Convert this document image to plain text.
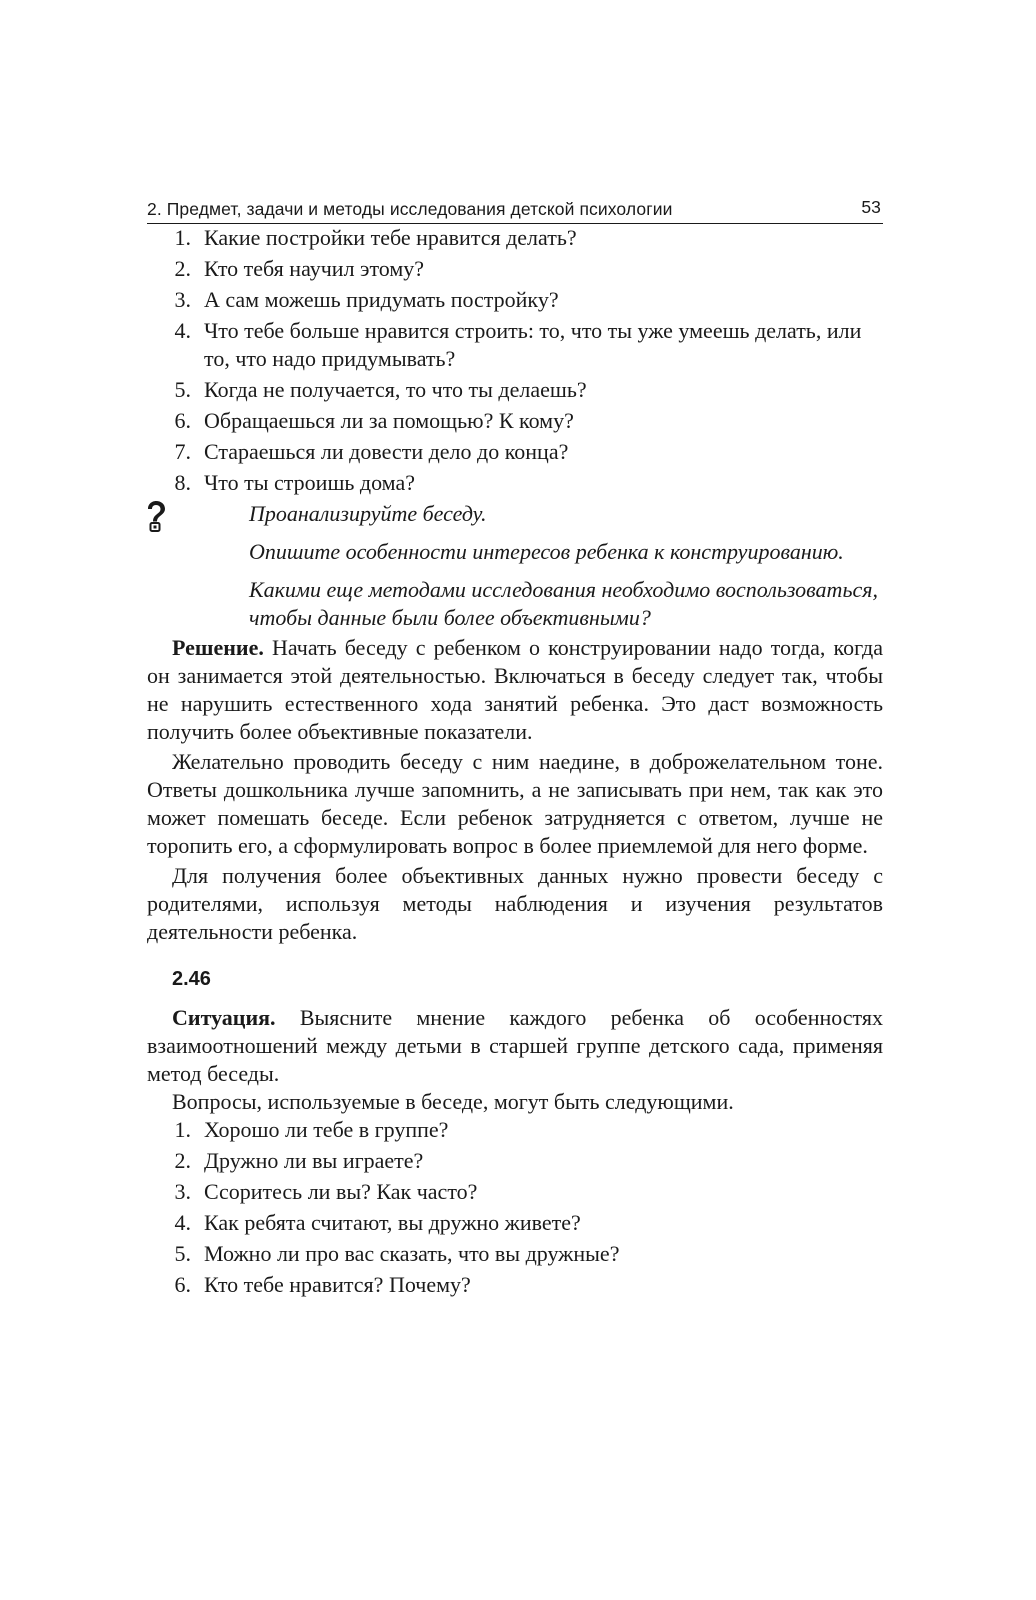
2. Предмет, задачи и методы исследования детской психологии	53
1. Какие постройки тебе нравится делать?
2. Кто тебя научил этому?
3. А сам можешь придумать постройку?
4. Что тебе больше нравится строить: то, что ты уже умеешь делать, или то, что надо придумывать?
5. Когда не получается, то что ты делаешь?
6. Обращаешься ли за помощью? К кому?
7. Стараешься ли довести дело до конца?
8. Что ты строишь дома?

Проанализируйте беседу.

Опишите особенности интересов ребенка к конструированию.

Какими еще методами исследования необходимо воспользоваться, чтобы данные были более объективными?

Решение. Начать беседу с ребенком о конструировании надо тогда, когда он занимается этой деятельностью. Включаться в беседу следует так, чтобы не нарушить естественного хода занятий ребенка. Это даст возможность получить более объективные показатели.

Желательно проводить беседу с ним наедине, в доброжелательном тоне. Ответы дошкольника лучше запомнить, а не записывать при нем, так как это может помешать беседе. Если ребенок затрудняется с ответом, лучше не торопить его, а сформулировать вопрос в более приемлемой для него форме.

Для получения более объективных данных нужно провести беседу с родителями, используя методы наблюдения и изучения результатов деятельности ребенка.

2.46

Ситуация. Выясните мнение каждого ребенка об особенностях взаимоотношений между детьми в старшей группе детского сада, применяя метод беседы.

Вопросы, используемые в беседе, могут быть следующими.

1. Хорошо ли тебе в группе?
2. Дружно ли вы играете?
3. Ссоритесь ли вы? Как часто?
4. Как ребята считают, вы дружно живете?
5. Можно ли про вас сказать, что вы дружные?
6. Кто тебе нравится? Почему?
